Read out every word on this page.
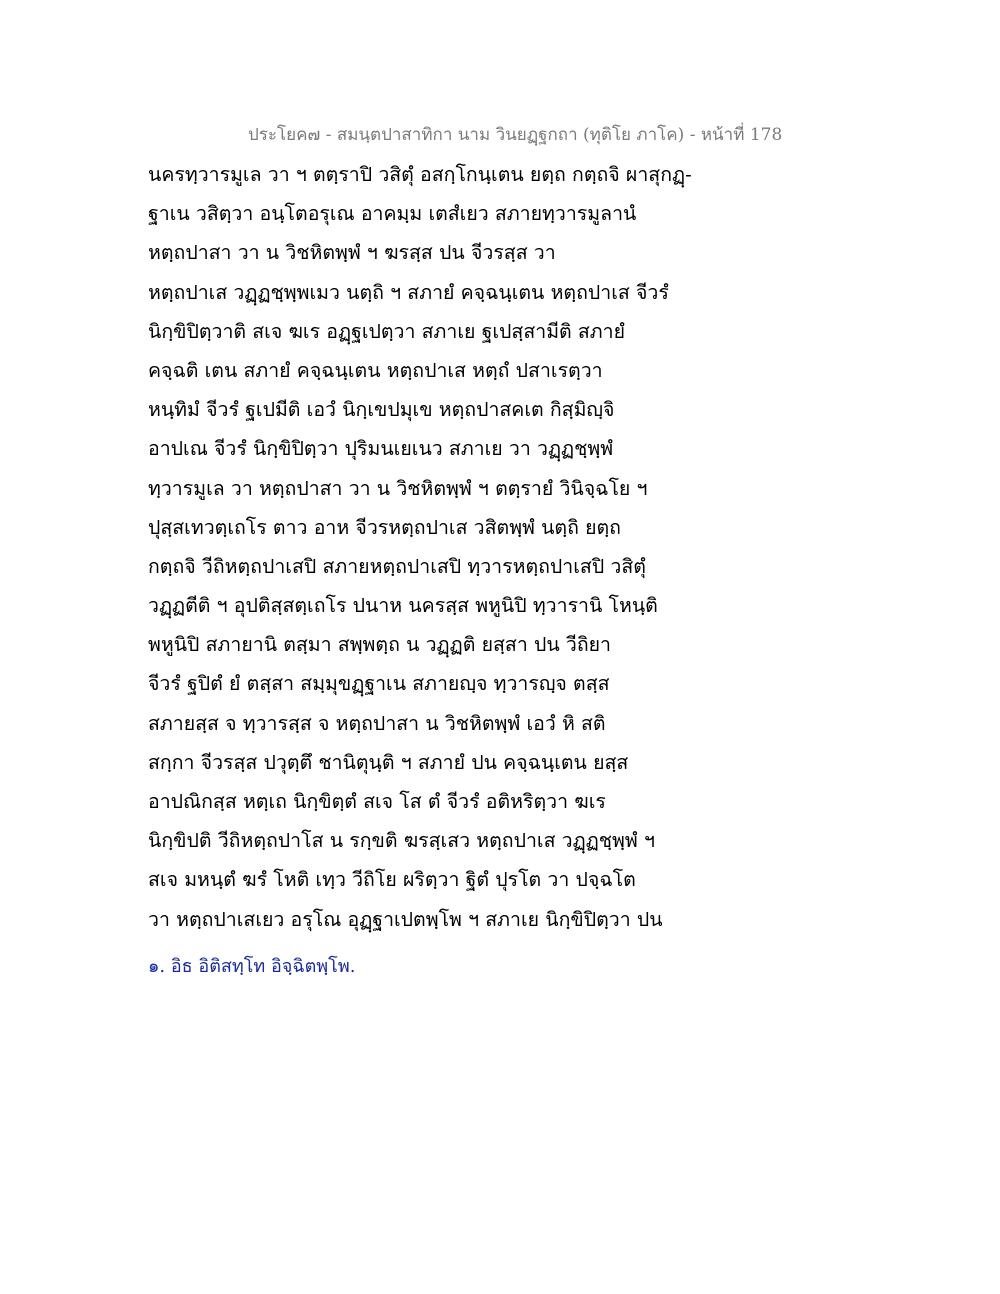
ประโยค๗ - สมนฺตปาสาทิกา นาม วินยฏฺฐกถา (ทุติโย ภาโค) - หน้าที่ 178
นครทฺวารมูเล วา ฯ ตตฺราปิ วสิตุํ อสกฺโกนฺเตน ยตฺถ กตฺถจิ ผาสุกฏฺ-
ฐาเน วสิตฺวา อนฺโตอรุเณ อาคมฺม เตสํเยว สภายทฺวารมูลานํ
หตฺถปาสา วา น วิชหิตพฺพํ ฯ ฆรสฺส ปน จีวรสฺส วา
หตฺถปาเส วฏฺฏชฺพฺพเมว นตฺถิ ฯ สภายํ คจฺฉนฺเตน หตฺถปาเส จีวรํ
นิกฺขิปิตฺวาติ สเจ ฆเร อฏฺฐเปตฺวา สภาเย ฐเปสฺสามีติ สภายํ
คจฺฉติ เตน สภายํ คจฺฉนฺเตน หตฺถปาเส หตฺถํ ปสาเรตฺวา
หนฺทิมํ จีวรํ ฐเปมีติ เอวํ นิกฺเขปมุเข หตฺถปาสคเต กิสฺมิญฺจิ
อาปเณ จีวรํ นิกฺขิปิตฺวา ปุริมนเยเนว สภาเย วา วฏฺฏชฺพฺพํ
ทฺวารมูเล วา หตฺถปาสา วา น วิชหิตพฺพํ ฯ ตตฺรายํ วินิจฺฉโย ฯ
ปุสฺสเทวตฺเถโร ตาว อาห จีวรหตฺถปาเส วสิตพฺพํ นตฺถิ ยตฺถ
กตฺถจิ วีถิหตฺถปาเสปิ สภายหตฺถปาเสปิ ทฺวารหตฺถปาเสปิ วสิตุํ
วฏฺฏตีติ ฯ อุปติสฺสตฺเถโร ปนาห นครสฺส พหูนิปิ ทฺวารานิ โหนฺติ
พหูนิปิ สภายานิ ตสฺมา สพฺพตฺถ น วฏฺฏติ ยสฺสา ปน วีถิยา
จีวรํ ฐปิตํ ยํ ตสฺสา สมฺมุขฏฺฐาเน สภายญฺจ ทฺวารญฺจ ตสฺส
สภายสฺส จ ทฺวารสฺส จ หตฺถปาสา น วิชหิตพฺพํ เอวํ หิ สติ
สกฺกา จีวรสฺส ปวุตฺตึ ชานิตุนฺติ ฯ สภายํ ปน คจฺฉนฺเตน ยสฺส
อาปณิกสฺส หตฺเถ นิกฺขิตฺตํ สเจ โส ตํ จีวรํ อติหริตฺวา ฆเร
นิกฺขิปติ วีถิหตฺถปาโส น รกฺขติ ฆรสฺเสว หตฺถปาเส วฏฺฏชฺพฺพํ ฯ
สเจ มหนฺตํ ฆรํ โหติ เทฺว วีถิโย ผริตฺวา ฐิตํ ปุรโต วา ปจฺฉโต
วา หตฺถปาเสเยว อรุโณ อุฏฺฐาเปตพฺโพ ฯ สภาเย นิกฺขิปิตฺวา ปน
๑. อิธ อิติสทฺโท อิจฺฉิตพฺโพ.
